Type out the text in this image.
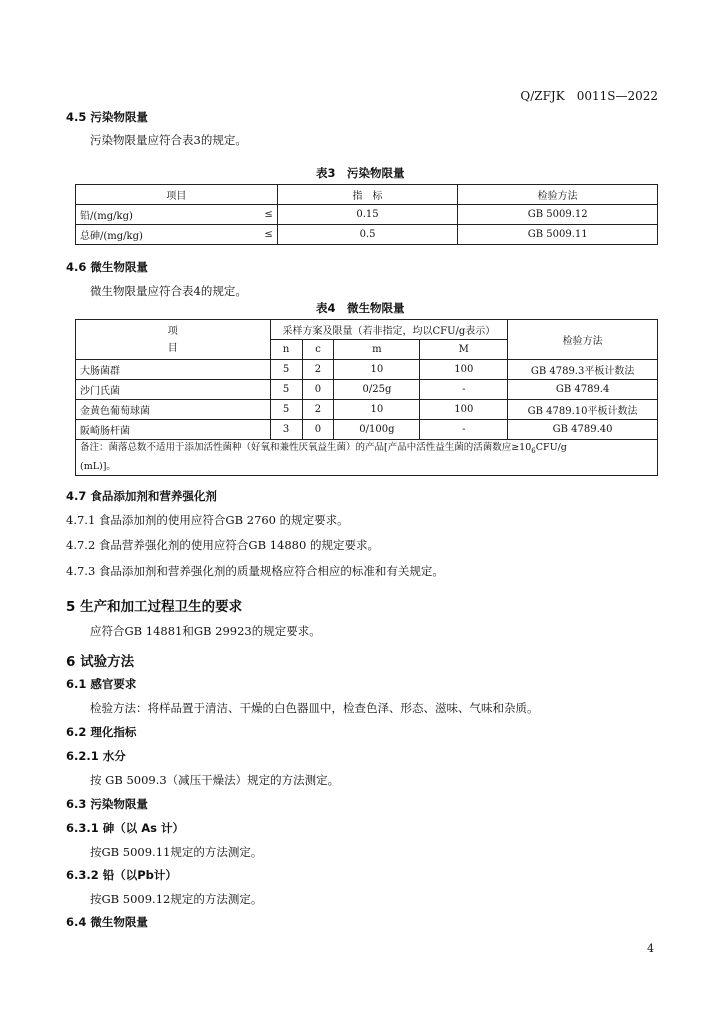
Q/ZFJK　0011S—2022
4.5 污染物限量
污染物限量应符合表3的规定。
表3　污染物限量
项目		指　标	检验方法
铅/(mg/kg)	≤	0.15	GB 5009.12
总砷/(mg/kg)	≤	0.5	GB 5009.11
4.6 微生物限量
微生物限量应符合表4的规定。
表4　微生物限量
项
目	采样方案及限量（若非指定，均以CFU/g表示）				检验方法
	n	c	m	M	
大肠菌群	5	2	10	100	GB 4789.3平板计数法
沙门氏菌	5	0	0/25g	-	GB 4789.4
金黄色葡萄球菌	5	2	10	100	GB 4789.10平板计数法
阪崎肠杆菌	3	0	0/100g	-	GB 4789.40

备注：菌落总数不适用于添加活性菌种（好氧和兼性厌氧益生菌）的产品[产品中活性益生菌的活菌数应$\ge 10_6CFU/g$
(mL)]。					
4.7 食品添加剂和营养强化剂
4.7.1 食品添加剂的使用应符合GB 2760 的规定要求。
4.7.2 食品营养强化剂的使用应符合GB 14880 的规定要求。
4.7.3 食品添加剂和营养强化剂的质量规格应符合相应的标准和有关规定。
5 生产和加工过程卫生的要求
应符合GB 14881和GB 29923的规定要求。
6 试验方法
6.1 感官要求
检验方法：将样品置于清洁、干燥的白色器皿中，检查色泽、形态、滋味、气味和杂质。
6.2 理化指标
6.2.1 水分
按 GB 5009.3（减压干燥法）规定的方法测定。
6.3 污染物限量
6.3.1 砷（以 As 计）
按GB 5009.11规定的方法测定。
6.3.2 铅（以Pb计）
按GB 5009.12规定的方法测定。
6.4 微生物限量
4
